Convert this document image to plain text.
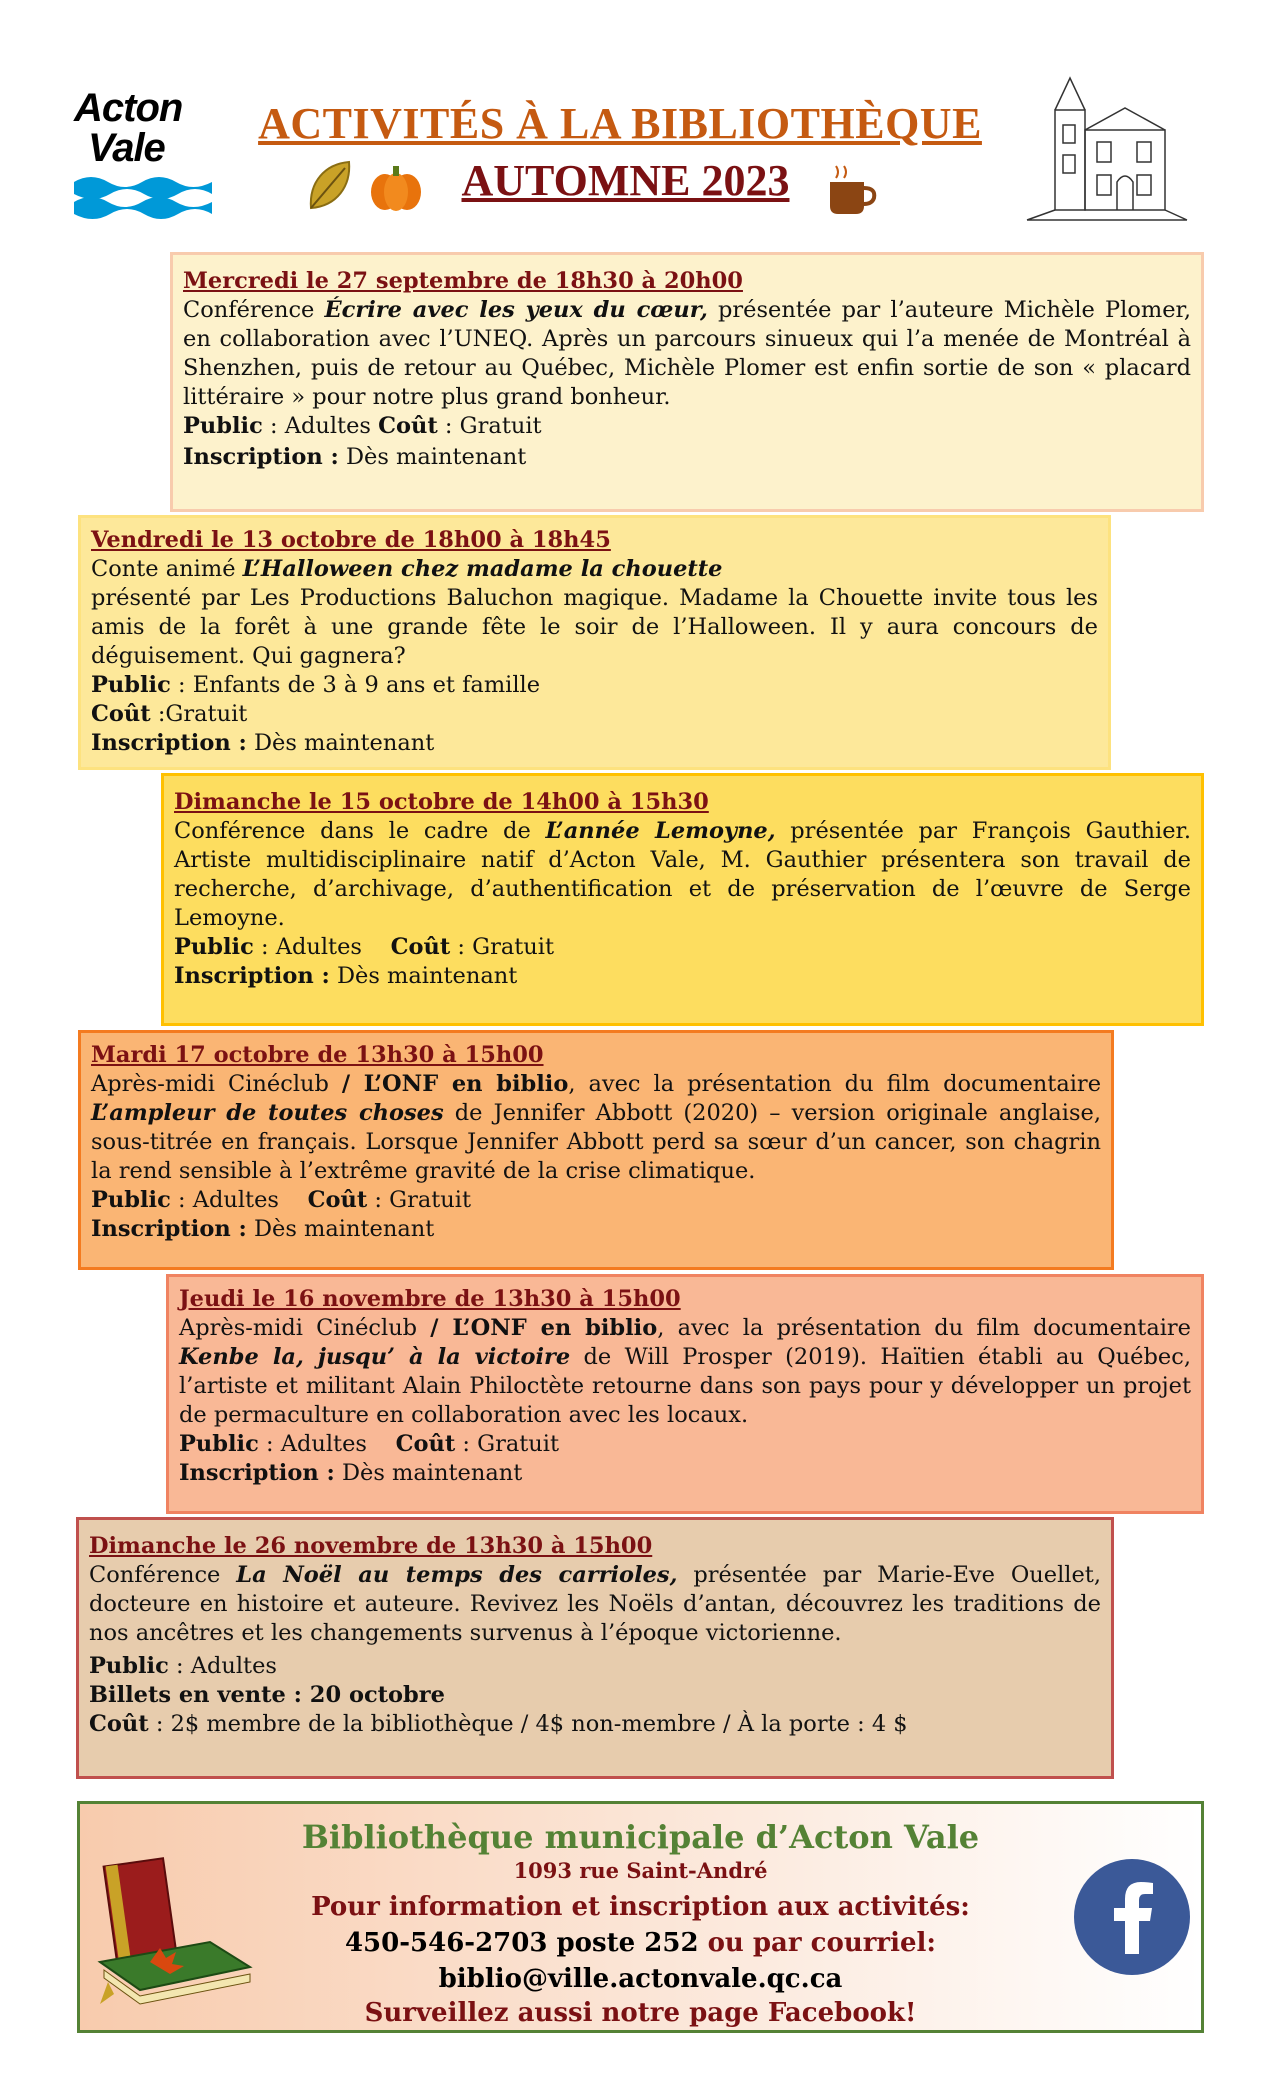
Acton
Vale	ACTIVITÉS À LA BIBLIOTHÈQUE
AUTOMNE 2023

Mercredi le 27 septembre de 18h30 à 20h00

Conférence Écrire avec les yeux du cœur, présentée par l’auteure Michèle Plomer, en collaboration avec l’UNEQ. Après un parcours sinueux qui l’a menée de Montréal à Shenzhen, puis de retour au Québec, Michèle Plomer est enfin sortie de son « placard littéraire » pour notre plus grand bonheur.

Public : Adultes Coût : Gratuit

Inscription : Dès maintenant

Vendredi le 13 octobre de 18h00 à 18h45

Conte animé L’Halloween chez madame la chouette

présenté par Les Productions Baluchon magique. Madame la Chouette invite tous les amis de la forêt à une grande fête le soir de l’Halloween. Il y aura concours de déguisement. Qui gagnera?

Public : Enfants de 3 à 9 ans et famille

Coût :Gratuit

Inscription : Dès maintenant

Dimanche le 15 octobre de 14h00 à 15h30

Conférence dans le cadre de L’année Lemoyne, présentée par François Gauthier. Artiste multidisciplinaire natif d’Acton Vale, M. Gauthier présentera son travail de recherche, d’archivage, d’authentification et de préservation de l’œuvre de Serge Lemoyne.

Public : Adultes Coût : Gratuit

Inscription : Dès maintenant

Mardi 17 octobre de 13h30 à 15h00

Après-midi Cinéclub / L’ONF en biblio, avec la présentation du film documentaire L’ampleur de toutes choses de Jennifer Abbott (2020) – version originale anglaise, sous-titrée en français. Lorsque Jennifer Abbott perd sa sœur d’un cancer, son chagrin la rend sensible à l’extrême gravité de la crise climatique.

Public : Adultes Coût : Gratuit

Inscription : Dès maintenant

Jeudi le 16 novembre de 13h30 à 15h00

Après-midi Cinéclub / L’ONF en biblio, avec la présentation du film documentaire Kenbe la, jusqu’ à la victoire de Will Prosper (2019). Haïtien établi au Québec, l’artiste et militant Alain Philoctète retourne dans son pays pour y développer un projet de permaculture en collaboration avec les locaux.

Public : Adultes Coût : Gratuit

Inscription : Dès maintenant

Dimanche le 26 novembre de 13h30 à 15h00

Conférence La Noël au temps des carrioles, présentée par Marie-Eve Ouellet, docteure en histoire et auteure. Revivez les Noëls d’antan, découvrez les traditions de nos ancêtres et les changements survenus à l’époque victorienne.

Public : Adultes

Billets en vente : 20 octobre

Coût : 2$ membre de la bibliothèque / 4$ non-membre / À la porte : 4 $

Bibliothèque municipale d’Acton Vale
1093 rue Saint-André
Pour information et inscription aux activités:
450-546-2703 poste 252 ou par courriel:
biblio@ville.actonvale.qc.ca
Surveillez aussi notre page Facebook!
